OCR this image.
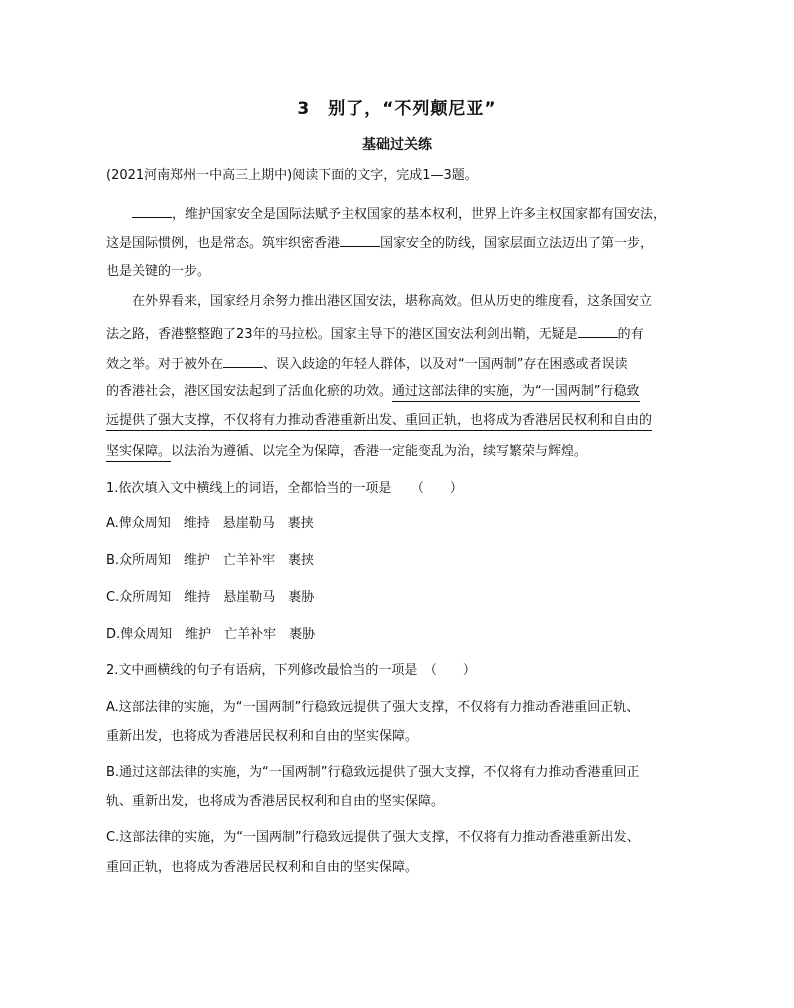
3 别了，“不列颠尼亚”
基础过关练
(2021河南郑州一中高三上期中)阅读下面的文字，完成1—3题。
，维护国家安全是国际法赋予主权国家的基本权利，世界上许多主权国家都有国安法，
这是国际惯例，也是常态。筑牢织密香港	国家安全的防线，国家层面立法迈出了第一步，
也是关键的一步。
在外界看来，国家经月余努力推出港区国安法，堪称高效。但从历史的维度看，这条国安立
法之路，香港整整跑了23年的马拉松。国家主导下的港区国安法利剑出鞘，无疑是	的有
效之举。对于被外在	、误入歧途的年轻人群体，以及对“一国两制”存在困惑或者误读
的香港社会，港区国安法起到了活血化瘀的功效。通过这部法律的实施，为“一国两制”行稳致
远提供了强大支撑，不仅将有力推动香港重新出发、重回正轨，也将成为香港居民权利和自由的
坚实保障。以法治为遵循、以完全为保障，香港一定能变乱为治，续写繁荣与辉煌。
1.依次填入文中横线上的词语，全都恰当的一项是　　（　　）
A.俾众周知　维持　悬崖勒马　裹挟
B.众所周知　维护　亡羊补牢　裹挟
C.众所周知　维持　悬崖勒马　裹胁
D.俾众周知　维护　亡羊补牢　裹胁
2.文中画横线的句子有语病，下列修改最恰当的一项是　（　　）
A.这部法律的实施，为“一国两制”行稳致远提供了强大支撑，不仅将有力推动香港重回正轨、
重新出发，也将成为香港居民权利和自由的坚实保障。
B.通过这部法律的实施，为“一国两制”行稳致远提供了强大支撑，不仅将有力推动香港重回正
轨、重新出发，也将成为香港居民权利和自由的坚实保障。
C.这部法律的实施，为“一国两制”行稳致远提供了强大支撑，不仅将有力推动香港重新出发、
重回正轨，也将成为香港居民权利和自由的坚实保障。
